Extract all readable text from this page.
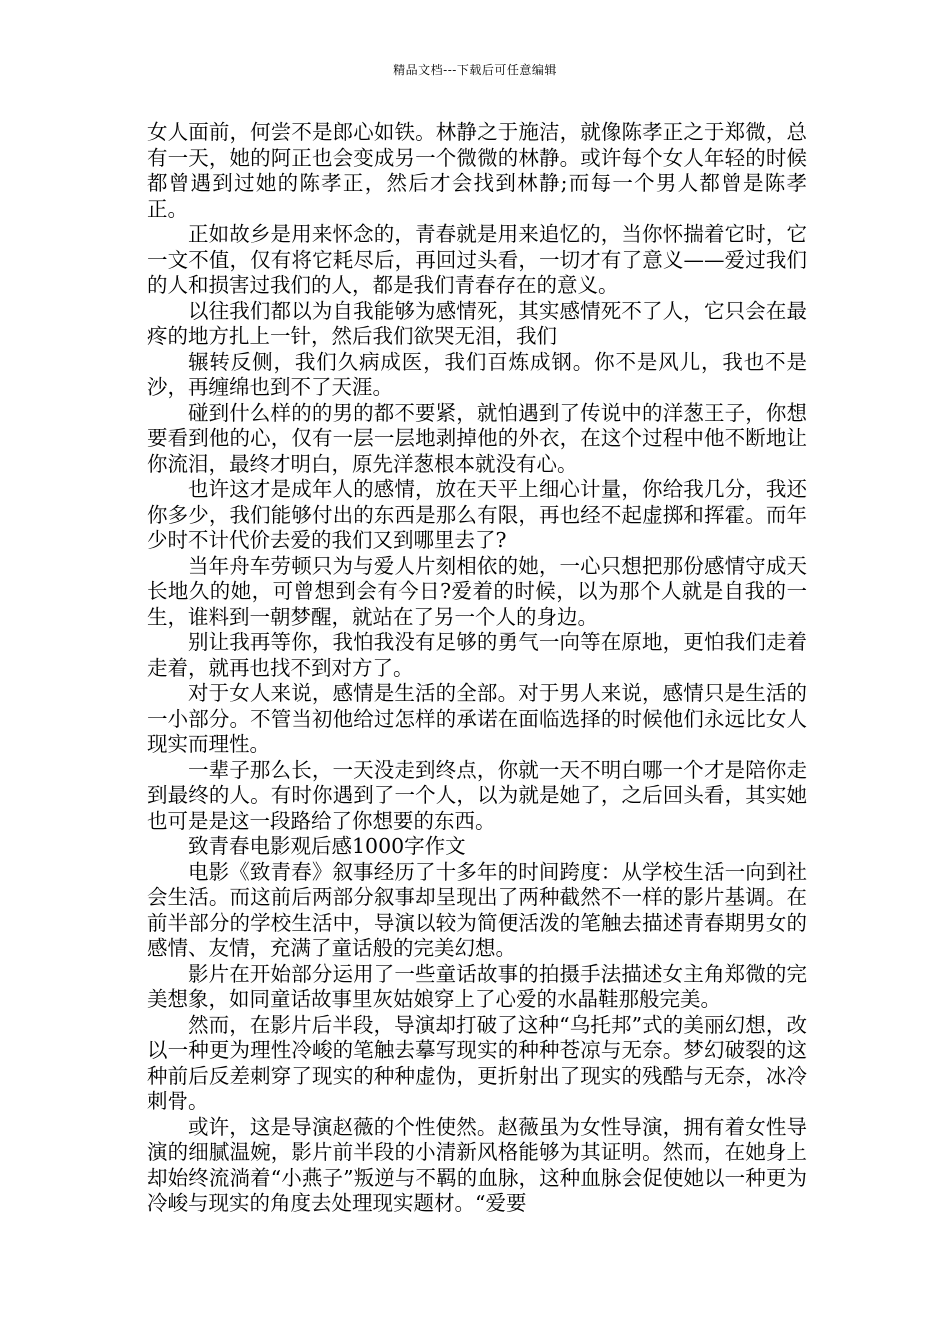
精品文档---下载后可任意编辑

女人面前，何尝不是郎心如铁。林静之于施洁，就像陈孝正之于郑微，总有一天，她的阿正也会变成另一个微微的林静。或许每个女人年轻的时候都曾遇到过她的陈孝正，然后才会找到林静;而每一个男人都曾是陈孝正。

正如故乡是用来怀念的，青春就是用来追忆的，当你怀揣着它时，它一文不值，仅有将它耗尽后，再回过头看，一切才有了意义——爱过我们的人和损害过我们的人，都是我们青春存在的意义。

以往我们都以为自我能够为感情死，其实感情死不了人，它只会在最疼的地方扎上一针，然后我们欲哭无泪，我们

辗转反侧，我们久病成医，我们百炼成钢。你不是风儿，我也不是沙，再缠绵也到不了天涯。

碰到什么样的的男的都不要紧，就怕遇到了传说中的洋葱王子，你想要看到他的心，仅有一层一层地剥掉他的外衣，在这个过程中他不断地让你流泪，最终才明白，原先洋葱根本就没有心。

也许这才是成年人的感情，放在天平上细心计量，你给我几分，我还你多少，我们能够付出的东西是那么有限，再也经不起虚掷和挥霍。而年少时不计代价去爱的我们又到哪里去了?

当年舟车劳顿只为与爱人片刻相依的她，一心只想把那份感情守成天长地久的她，可曾想到会有今日?爱着的时候，以为那个人就是自我的一生，谁料到一朝梦醒，就站在了另一个人的身边。

别让我再等你，我怕我没有足够的勇气一向等在原地，更怕我们走着走着，就再也找不到对方了。

对于女人来说，感情是生活的全部。对于男人来说，感情只是生活的一小部分。不管当初他给过怎样的承诺在面临选择的时候他们永远比女人现实而理性。

一辈子那么长，一天没走到终点，你就一天不明白哪一个才是陪你走到最终的人。有时你遇到了一个人，以为就是她了，之后回头看，其实她也可是是这一段路给了你想要的东西。

致青春电影观后感1000字作文

电影《致青春》叙事经历了十多年的时间跨度：从学校生活一向到社会生活。而这前后两部分叙事却呈现出了两种截然不一样的影片基调。在前半部分的学校生活中，导演以较为简便活泼的笔触去描述青春期男女的感情、友情，充满了童话般的完美幻想。

影片在开始部分运用了一些童话故事的拍摄手法描述女主角郑微的完美想象，如同童话故事里灰姑娘穿上了心爱的水晶鞋那般完美。

然而，在影片后半段，导演却打破了这种“乌托邦”式的美丽幻想，改以一种更为理性冷峻的笔触去摹写现实的种种苍凉与无奈。梦幻破裂的这种前后反差刺穿了现实的种种虚伪，更折射出了现实的残酷与无奈，冰冷刺骨。

或许，这是导演赵薇的个性使然。赵薇虽为女性导演，拥有着女性导演的细腻温婉，影片前半段的小清新风格能够为其证明。然而，在她身上却始终流淌着“小燕子”叛逆与不羁的血脉，这种血脉会促使她以一种更为冷峻与现实的角度去处理现实题材。“爱要
